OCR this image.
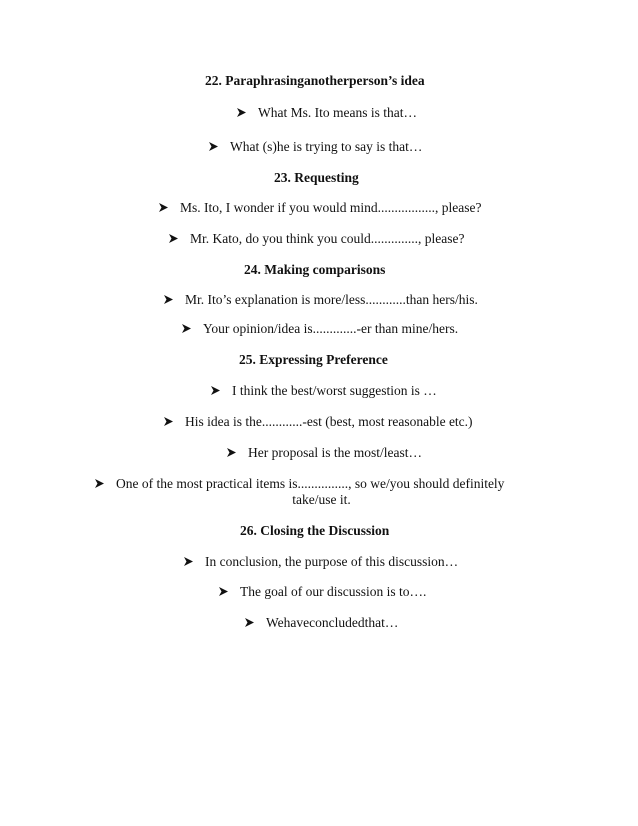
22. Paraphrasinganotherperson’s idea
What Ms. Ito means is that…
What (s)he is trying to say is that…
23. Requesting
Ms. Ito, I wonder if you would mind................., please?
Mr. Kato, do you think you could.............., please?
24. Making comparisons
Mr. Ito’s explanation is more/less............than hers/his.
Your opinion/idea is.............-er than mine/hers.
25. Expressing Preference
I think the best/worst suggestion is …
His idea is the............-est (best, most reasonable etc.)
Her proposal is the most/least…
One of the most practical items is..............., so we/you should definitely
take/use it.
26. Closing the Discussion
In conclusion, the purpose of this discussion…
The goal of our discussion is to….
Wehaveconcludedthat…
